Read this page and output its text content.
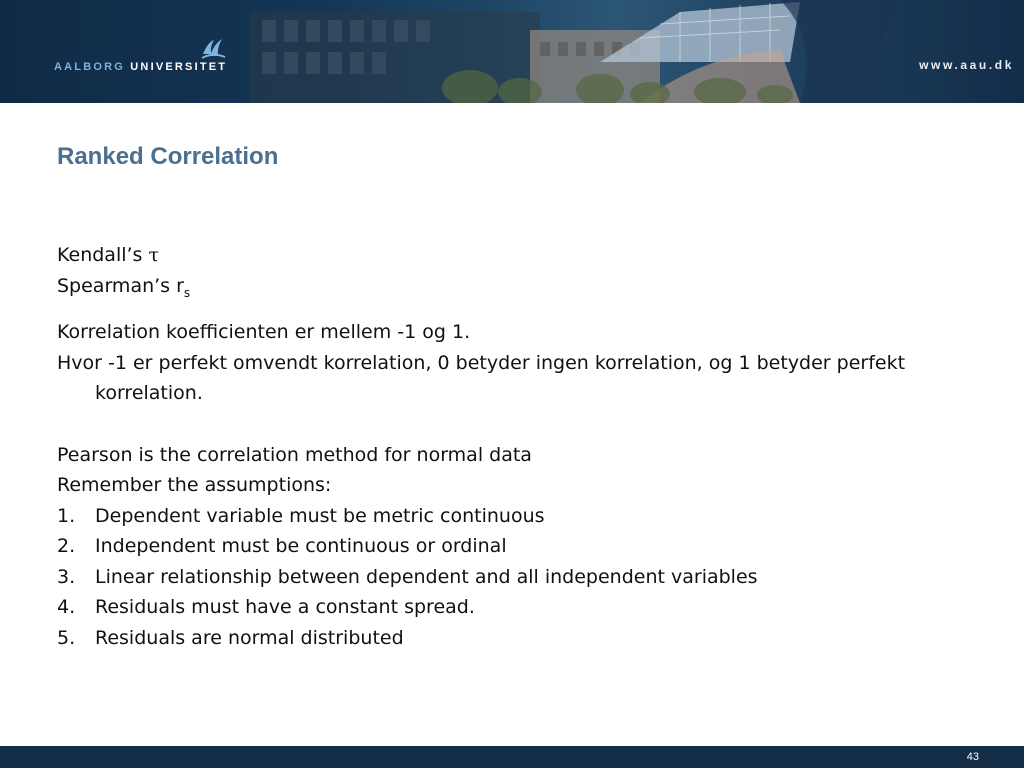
AALBORG UNIVERSITET	www.aau.dk
Ranked Correlation
Kendall’s τ
Spearman’s $r_s$
Korrelation koefficienten er mellem -1 og 1.
Hvor -1 er perfekt omvendt korrelation, 0 betyder ingen korrelation, og 1 betyder perfekt korrelation.
Pearson is the correlation method for normal data
Remember the assumptions:
1.	Dependent variable must be metric continuous
2.	Independent must be continuous or ordinal
3.	Linear relationship between dependent and all independent variables
4.	Residuals must have a constant spread.
5.	Residuals are normal distributed
43
